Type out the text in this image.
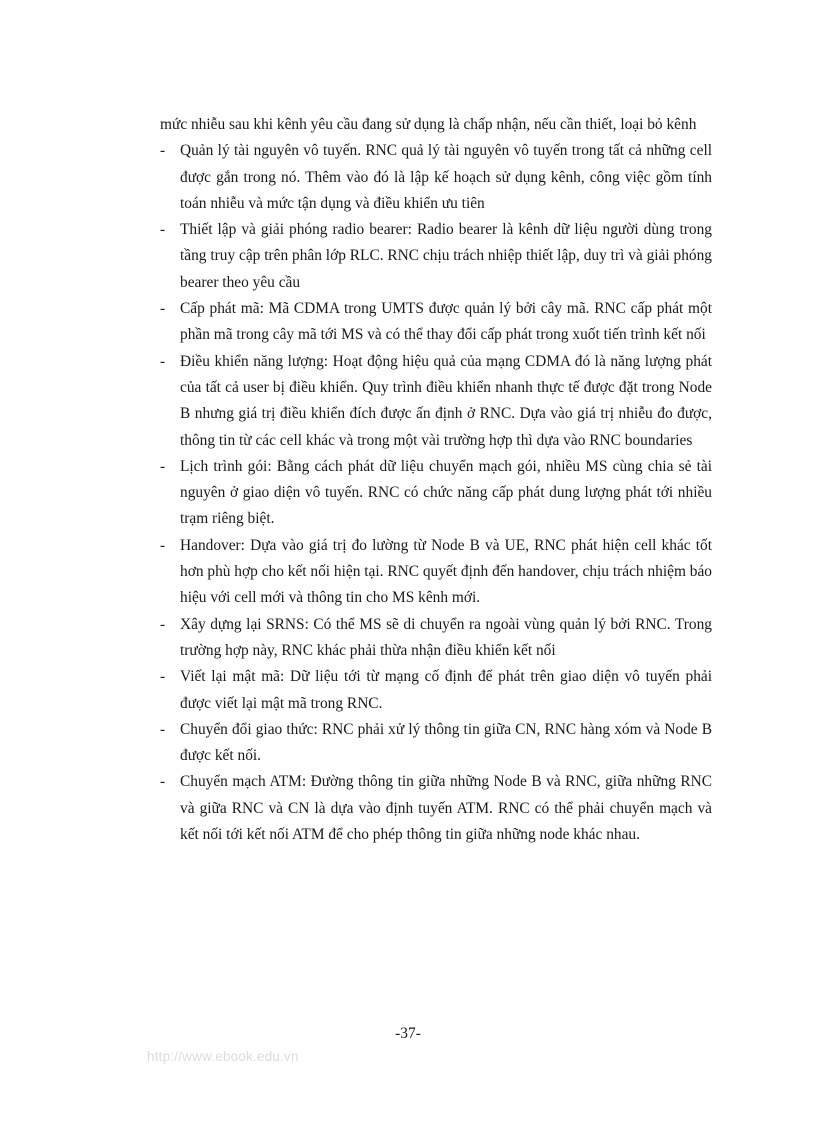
mức nhiễu sau khi kênh yêu cầu đang sử dụng là chấp nhận, nếu cần thiết, loại bỏ kênh

- Quản lý tài nguyên vô tuyến. RNC quả lý tài nguyên vô tuyến trong tất cả những cell được gắn trong nó. Thêm vào đó là lập kế hoạch sử dụng kênh, công việc gồm tính toán nhiễu và mức tận dụng và điều khiển ưu tiên
- Thiết lập và giải phóng radio bearer: Radio bearer là kênh dữ liệu người dùng trong tầng truy cập trên phân lớp RLC. RNC chịu trách nhiệp thiết lập, duy trì và giải phóng bearer theo yêu cầu
- Cấp phát mã: Mã CDMA trong UMTS được quản lý bởi cây mã. RNC cấp phát một phần mã trong cây mã tới MS và có thể thay đổi cấp phát trong xuốt tiến trình kết nối
- Điều khiển năng lượng: Hoạt động hiệu quả của mạng CDMA đó là năng lượng phát của tất cả user bị điều khiển. Quy trình điều khiển nhanh thực tế được đặt trong Node B nhưng giá trị điều khiển đích được ấn định ở RNC. Dựa vào giá trị nhiễu đo được, thông tin từ các cell khác và trong một vài trường hợp thì dựa vào RNC boundaries
- Lịch trình gói: Bằng cách phát dữ liệu chuyển mạch gói, nhiều MS cùng chia sẻ tài nguyên ở giao diện vô tuyến. RNC có chức năng cấp phát dung lượng phát tới nhiều trạm riêng biệt.
- Handover: Dựa vào giá trị đo lường từ Node B và UE, RNC phát hiện cell khác tốt hơn phù hợp cho kết nối hiện tại. RNC quyết định đến handover, chịu trách nhiệm báo hiệu với cell mới và thông tin cho MS kênh mới.
- Xây dựng lại SRNS: Có thể MS sẽ di chuyển ra ngoài vùng quản lý bởi RNC. Trong trường hợp này, RNC khác phải thừa nhận điều khiển kết nối
- Viết lại mật mã: Dữ liệu tới từ mạng cố định để phát trên giao diện vô tuyến phải được viết lại mật mã trong RNC.
- Chuyển đổi giao thức: RNC phải xử lý thông tin giữa CN, RNC hàng xóm và Node B được kết nối.
- Chuyển mạch ATM: Đường thông tin giữa những Node B và RNC, giữa những RNC và giữa RNC và CN là dựa vào định tuyến ATM. RNC có thể phải chuyển mạch và kết nối tới kết nối ATM để cho phép thông tin giữa những node khác nhau.
-37-
http://www.ebook.edu.vn
